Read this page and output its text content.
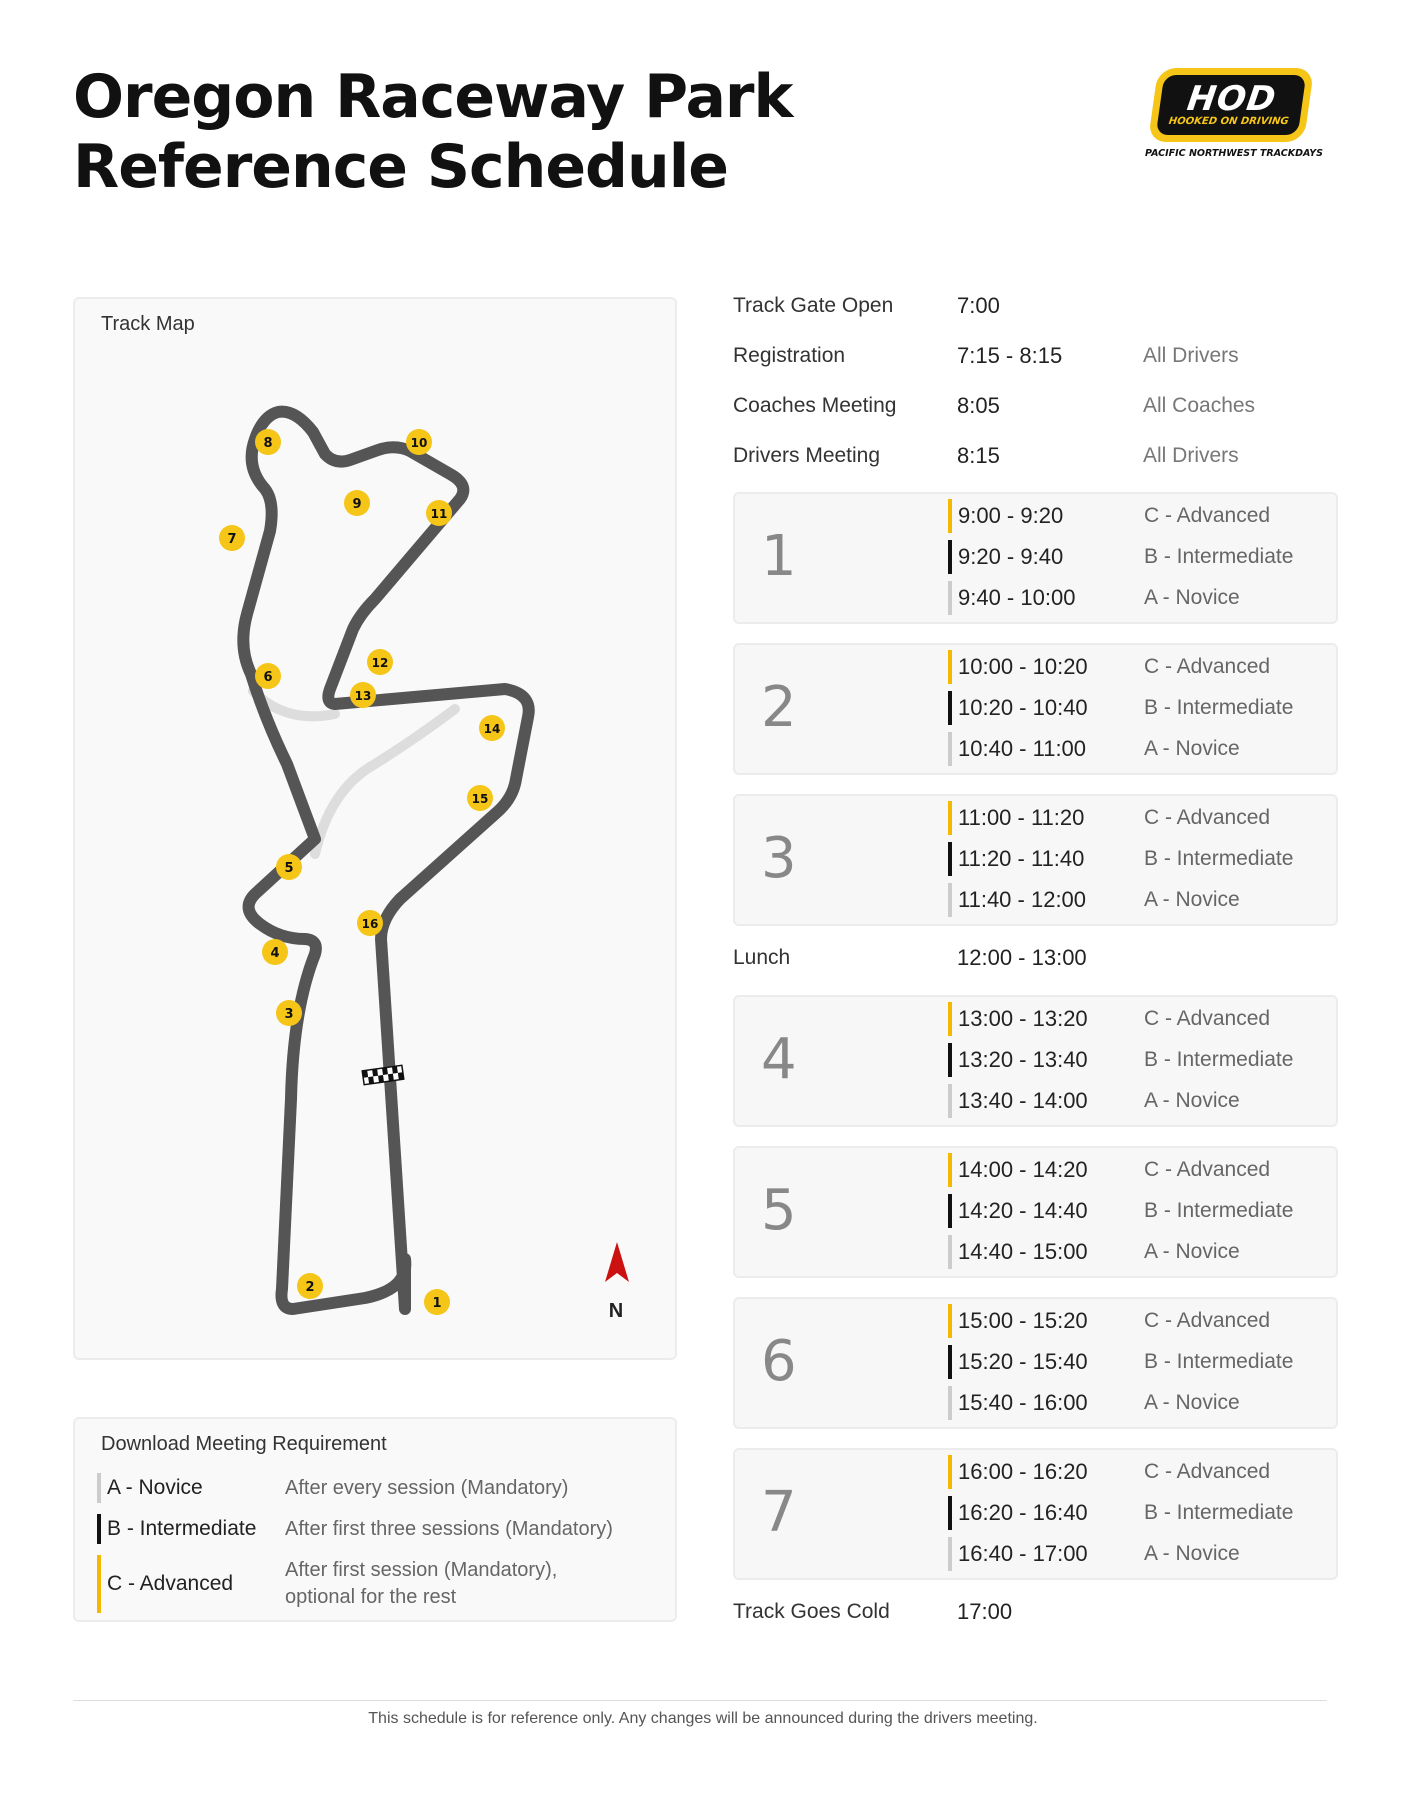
Oregon Raceway Park
Reference Schedule
HOD
HOOKED ON DRIVING
PACIFIC NORTHWEST TRACKDAYS
Track Map
1
2
3
4
5
6
7
8
9
10
11
12
13
14
15
16
N
Download Meeting Requirement
A - Novice	After every session (Mandatory)
B - Intermediate	After first three sessions (Mandatory)
C - Advanced
After first session (Mandatory),
optional for the rest
Track Gate Open	7:00
Registration	7:15 - 8:15	All Drivers
Coaches Meeting	8:05	All Coaches
Drivers Meeting	8:15	All Drivers
1
9:00 - 9:20	C - Advanced
9:20 - 9:40	B - Intermediate
9:40 - 10:00	A - Novice
2
10:00 - 10:20	C - Advanced
10:20 - 10:40	B - Intermediate
10:40 - 11:00	A - Novice
3
11:00 - 11:20	C - Advanced
11:20 - 11:40	B - Intermediate
11:40 - 12:00	A - Novice
Lunch	12:00 - 13:00
4
13:00 - 13:20	C - Advanced
13:20 - 13:40	B - Intermediate
13:40 - 14:00	A - Novice
5
14:00 - 14:20	C - Advanced
14:20 - 14:40	B - Intermediate
14:40 - 15:00	A - Novice
6
15:00 - 15:20	C - Advanced
15:20 - 15:40	B - Intermediate
15:40 - 16:00	A - Novice
7
16:00 - 16:20	C - Advanced
16:20 - 16:40	B - Intermediate
16:40 - 17:00	A - Novice
Track Goes Cold	17:00
This schedule is for reference only. Any changes will be announced during the drivers meeting.
